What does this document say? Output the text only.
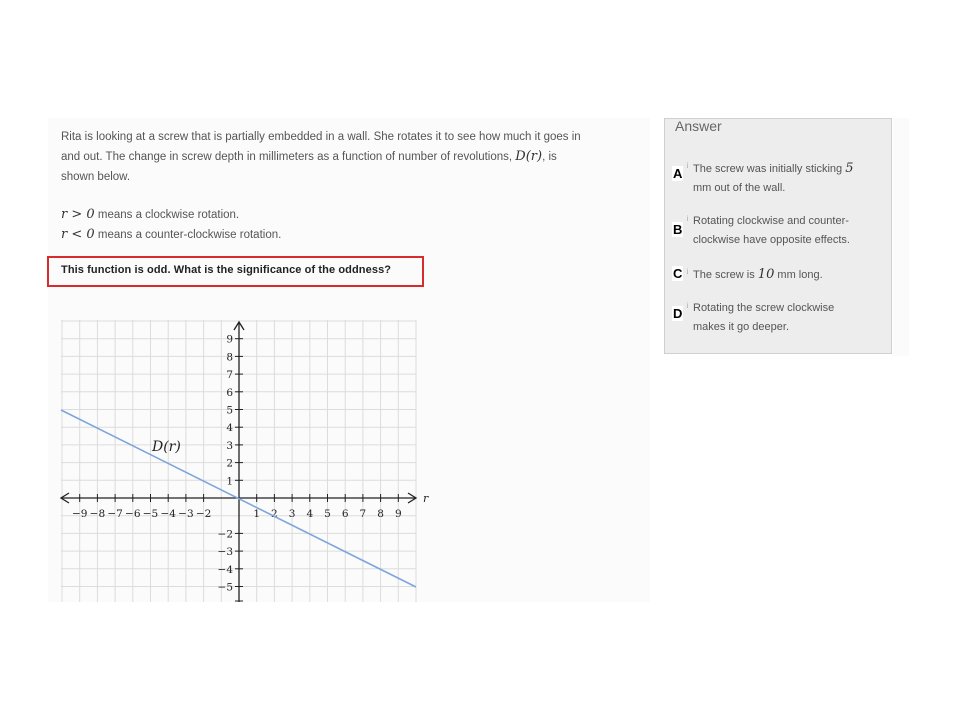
Rita is looking at a screw that is partially embedded in a wall. She rotates it to see how much it goes in
and out. The change in screw depth in millimeters as a function of number of revolutions, D(r), is
shown below.
r > 0 means a clockwise rotation.
r < 0 means a counter-clockwise rotation.
This function is odd. What is the significance of the oddness?
−9 −8 −7 −6 −5 −4 −3 −2	1 2 3 4 5 6 7 8 9
9
8
7
6
5
4
3
2
1
−2
−3
−4
−5
D(r)
r
Answer
A ʲ The screw was initially sticking 5
mm out of the wall.
B
ʲ Rotating clockwise and counter-
clockwise have opposite effects.
C ʲ The screw is 10 mm long.
D ʲ Rotating the screw clockwise
makes it go deeper.
